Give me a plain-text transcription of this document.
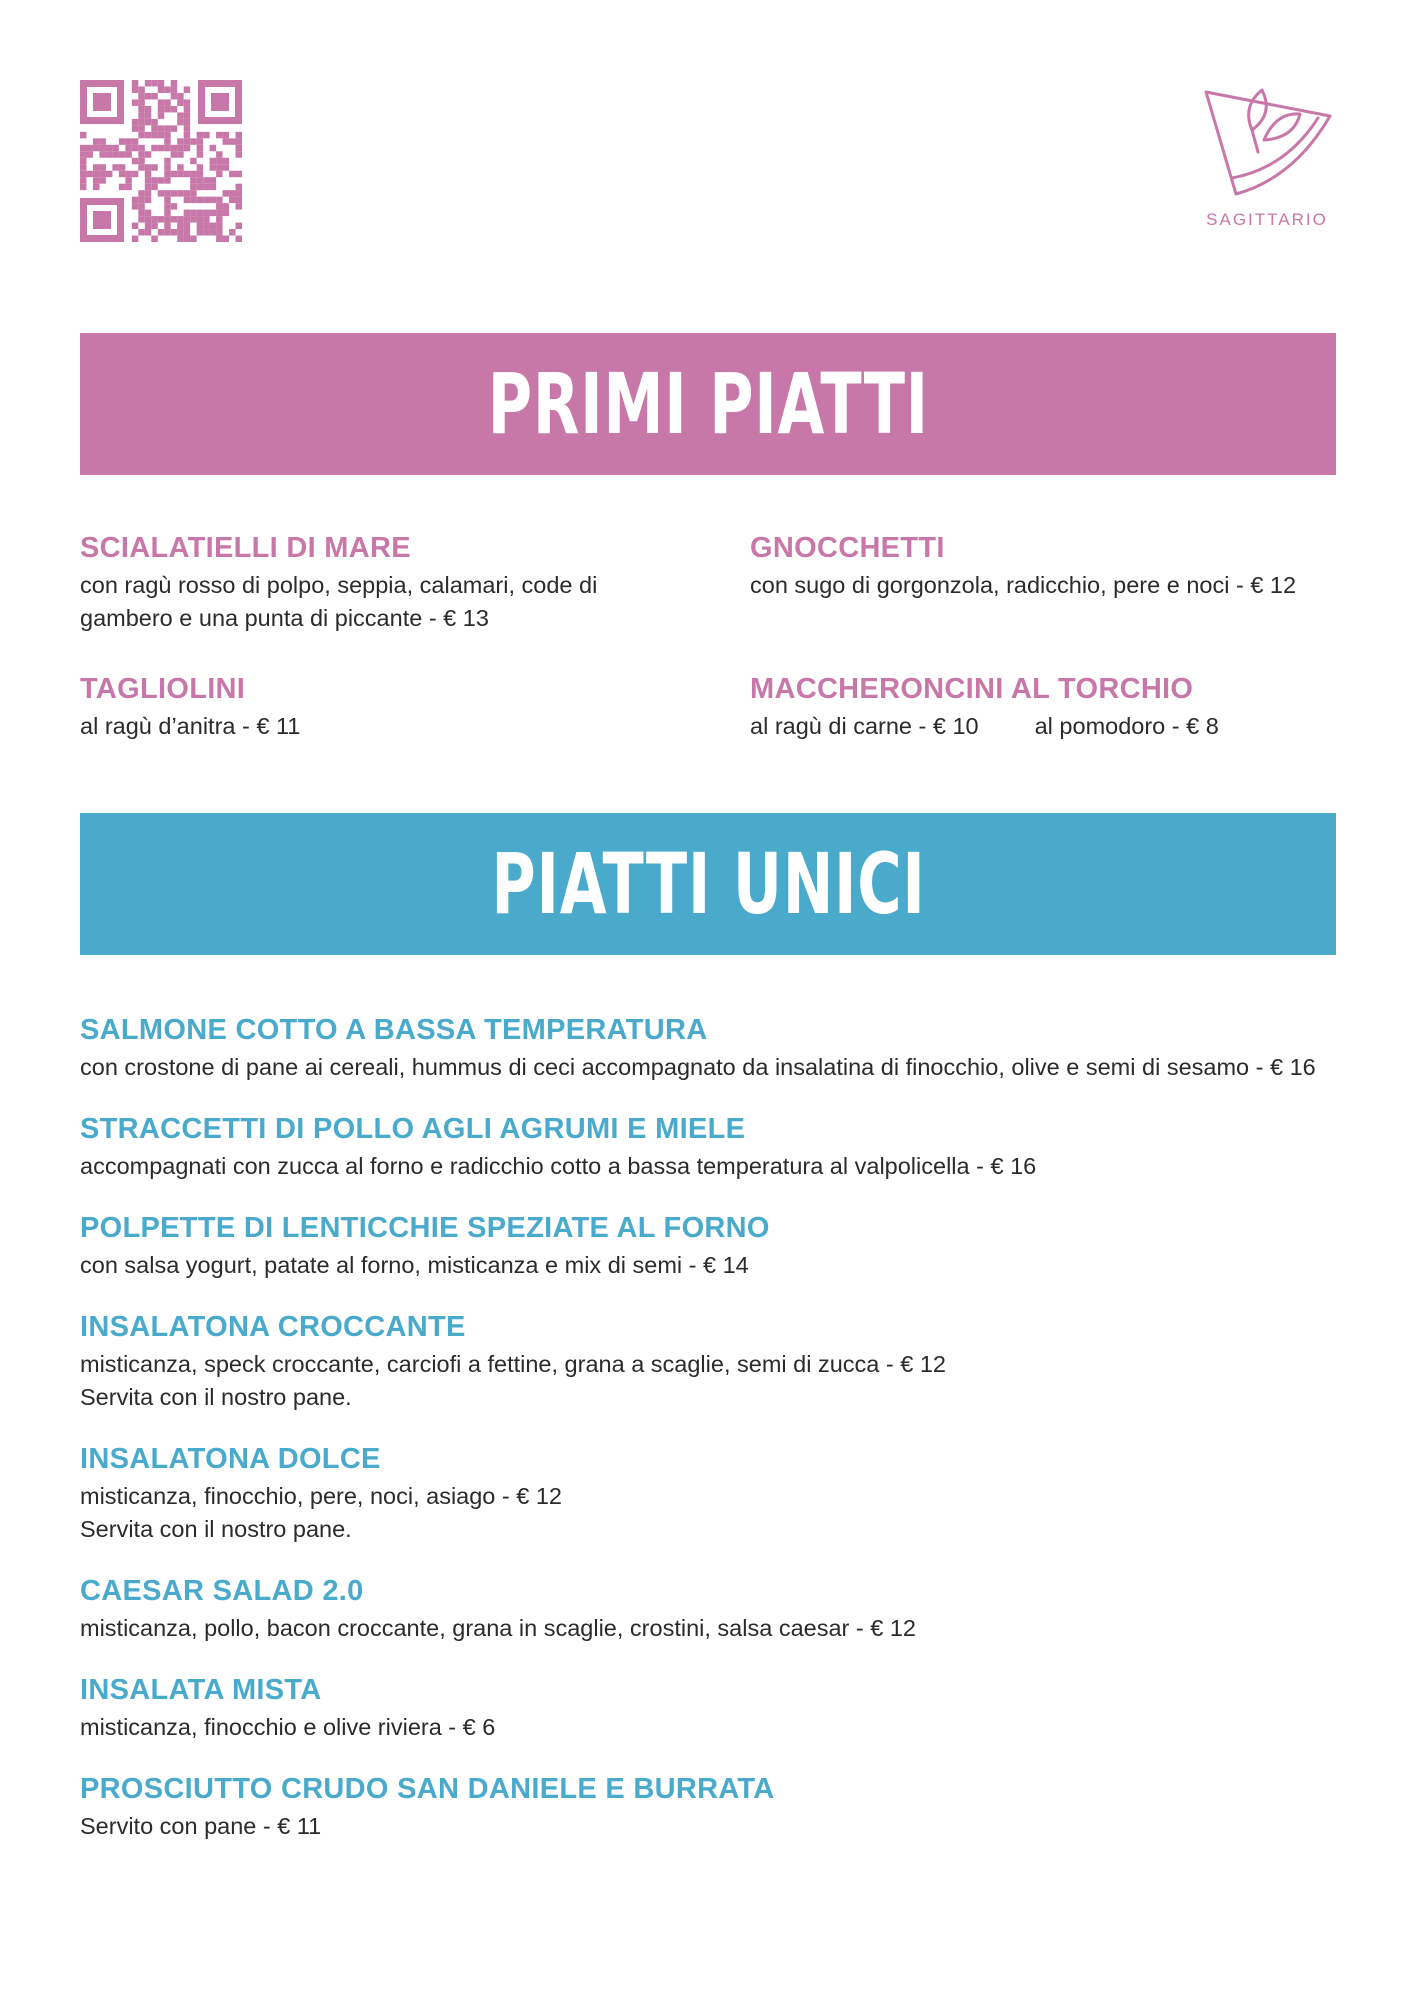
SAGITTARIO
PRIMI PIATTI
SCIALATIELLI DI MARE

con ragù rosso di polpo, seppia, calamari, code di gambero e una punta di piccante - € 13

GNOCCHETTI

con sugo di gorgonzola, radicchio, pere e noci - € 12

TAGLIOLINI

al ragù d’anitra - € 11

MACCHERONCINI AL TORCHIO

al ragù di carne - € 10 al pomodoro - € 8

PIATTI UNICI
SALMONE COTTO A BASSA TEMPERATURA

con crostone di pane ai cereali, hummus di ceci accompagnato da insalatina di finocchio, olive e semi di sesamo - € 16

STRACCETTI DI POLLO AGLI AGRUMI E MIELE

accompagnati con zucca al forno e radicchio cotto a bassa temperatura al valpolicella - € 16

POLPETTE DI LENTICCHIE SPEZIATE AL FORNO

con salsa yogurt, patate al forno, misticanza e mix di semi - € 14

INSALATONA CROCCANTE

misticanza, speck croccante, carciofi a fettine, grana a scaglie, semi di zucca - € 12

Servita con il nostro pane.

INSALATONA DOLCE

misticanza, finocchio, pere, noci, asiago - € 12

Servita con il nostro pane.

CAESAR SALAD 2.0

misticanza, pollo, bacon croccante, grana in scaglie, crostini, salsa caesar - € 12

INSALATA MISTA

misticanza, finocchio e olive riviera - € 6

PROSCIUTTO CRUDO SAN DANIELE E BURRATA

Servito con pane - € 11
